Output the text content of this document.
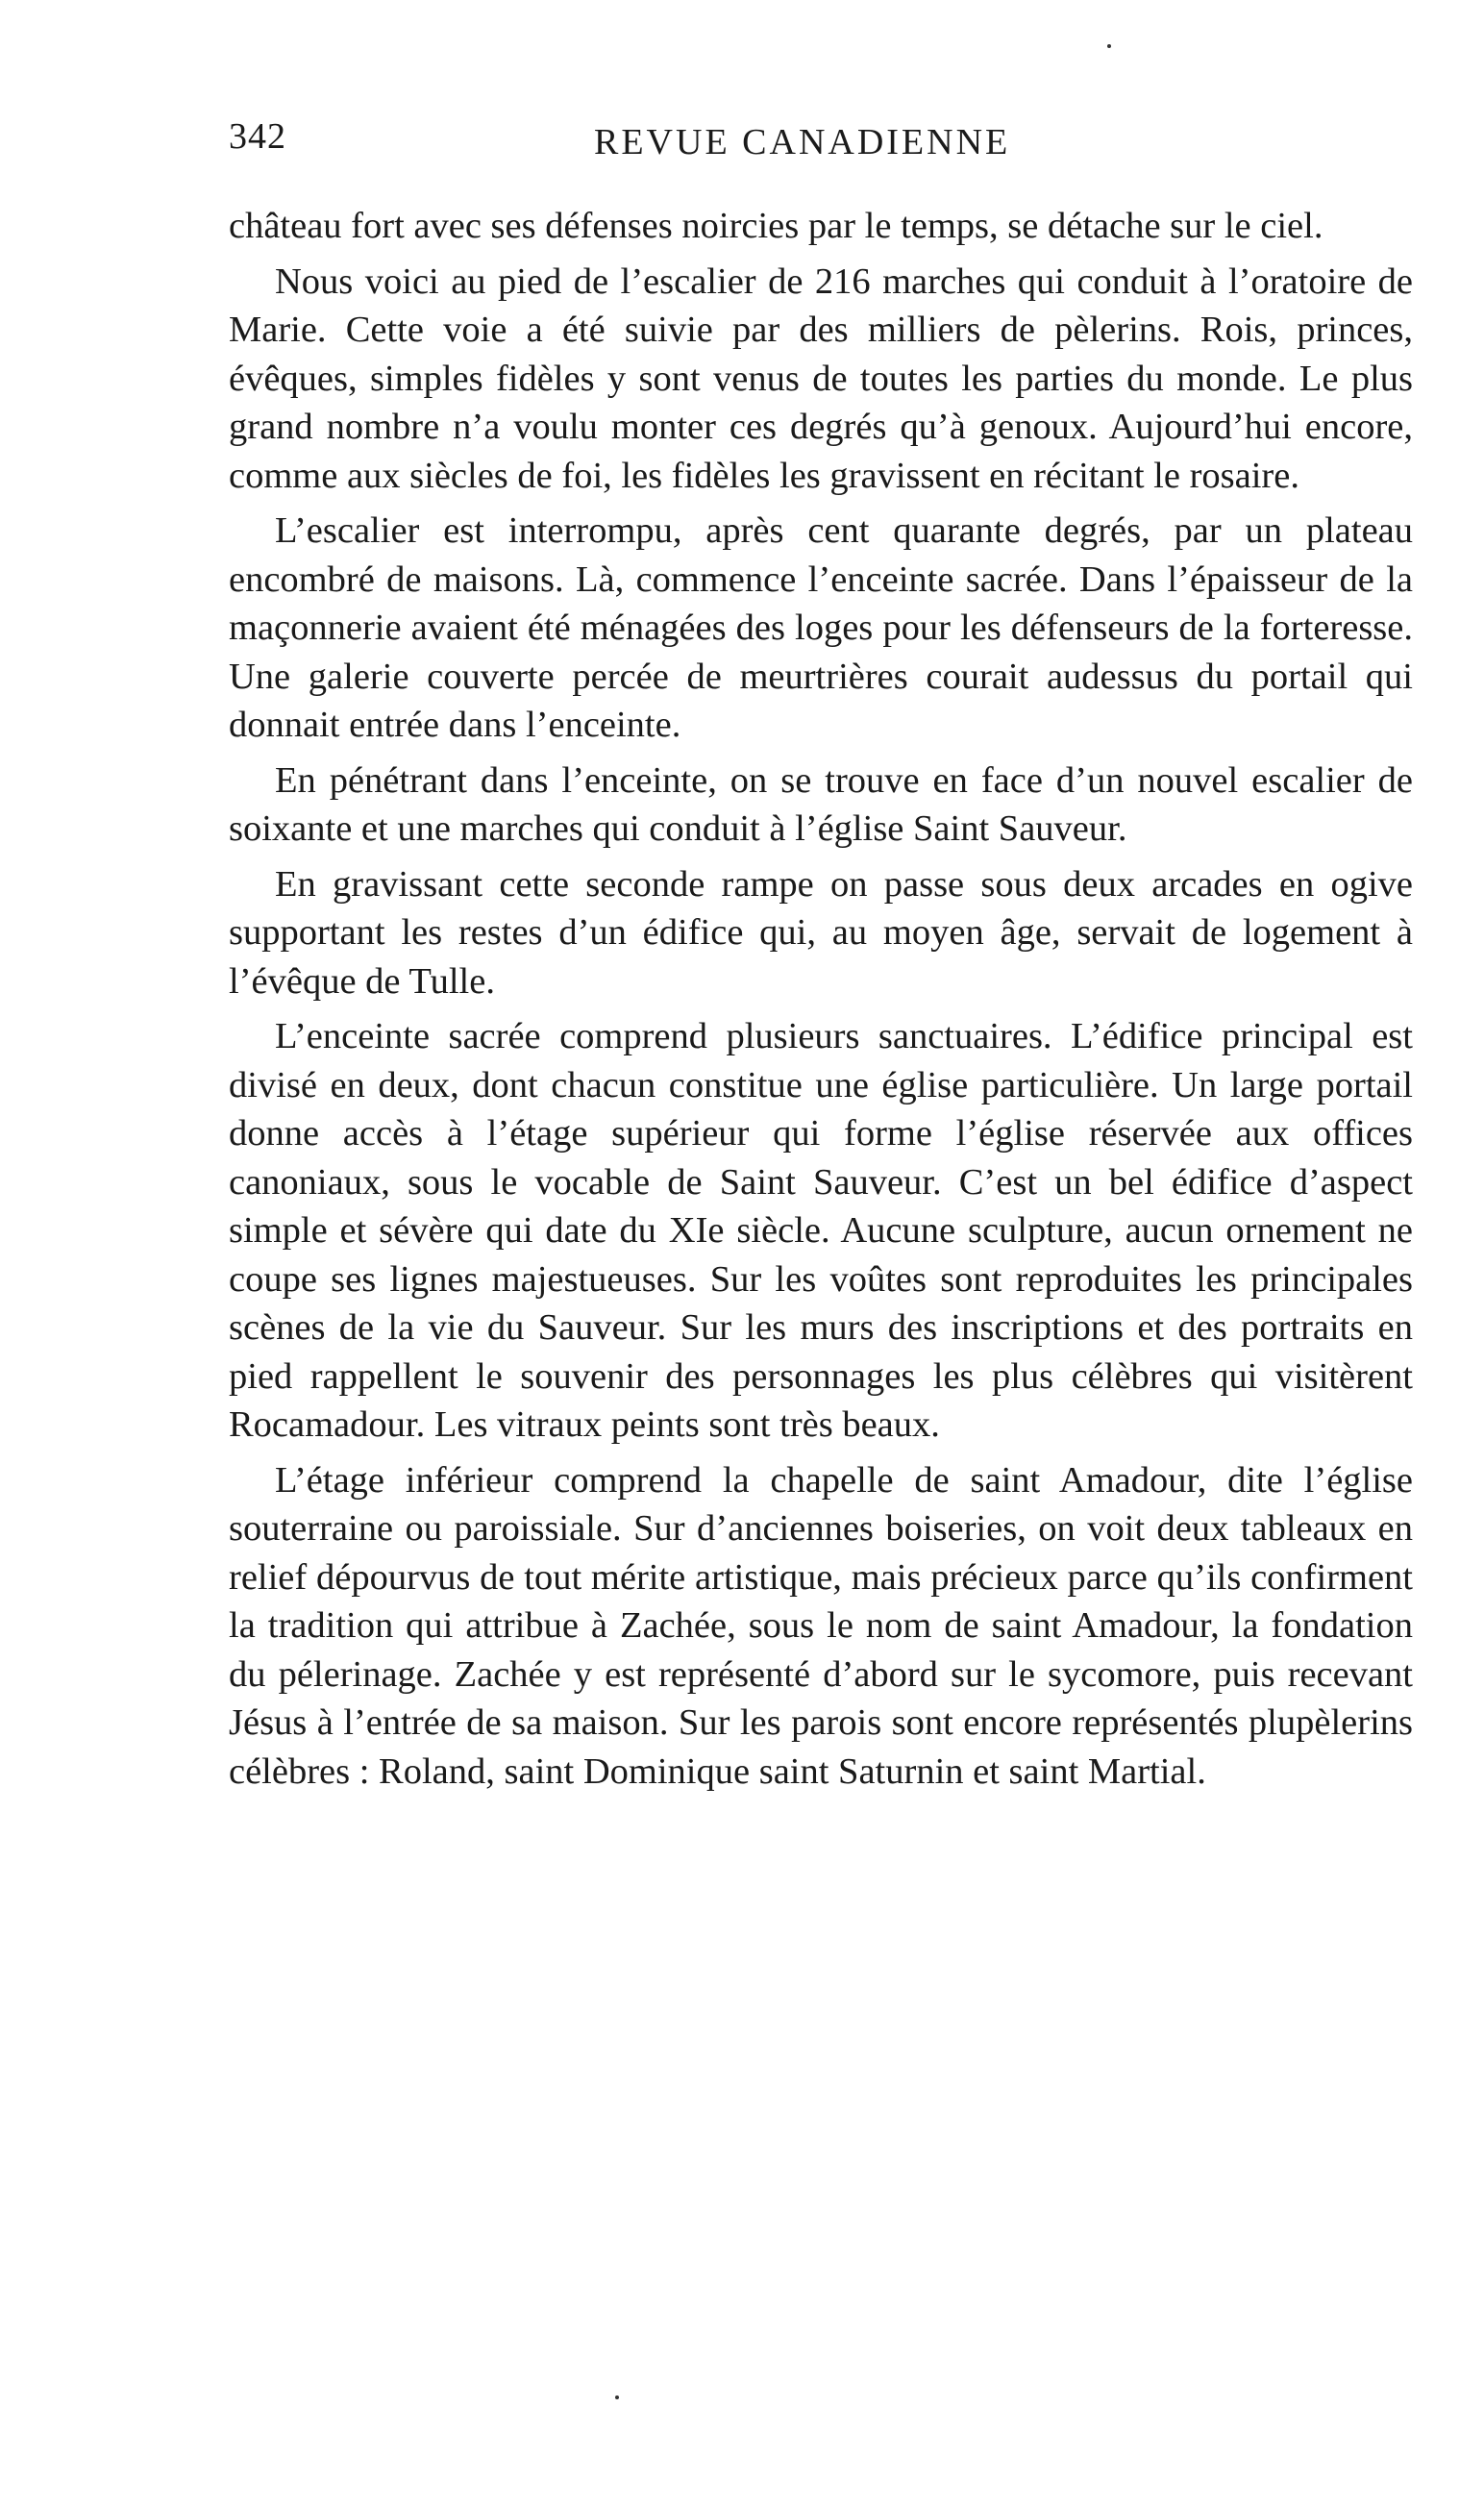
342	REVUE CANADIENNE

château fort avec ses défenses noircies par le temps, se détache sur le ciel.

Nous voici au pied de l’escalier de 216 marches qui conduit à l’oratoire de Marie. Cette voie a été suivie par des milliers de pèlerins. Rois, princes, évêques, simples fidèles y sont venus de toutes les parties du monde. Le plus grand nombre n’a voulu monter ces degrés qu’à genoux. Aujourd’hui encore, comme aux siècles de foi, les fidèles les gravissent en récitant le rosaire.

L’escalier est interrompu, après cent quarante degrés, par un plateau encombré de maisons. Là, commence l’enceinte sacrée. Dans l’épaisseur de la maçonnerie avaient été ménagées des loges pour les défenseurs de la forteresse. Une galerie couverte percée de meurtrières courait audessus du portail qui donnait entrée dans l’enceinte.

En pénétrant dans l’enceinte, on se trouve en face d’un nouvel escalier de soixante et une marches qui conduit à l’église Saint Sauveur.

En gravissant cette seconde rampe on passe sous deux arcades en ogive supportant les restes d’un édifice qui, au moyen âge, servait de logement à l’évêque de Tulle.

L’enceinte sacrée comprend plusieurs sanctuaires. L’édifice principal est divisé en deux, dont chacun constitue une église particulière. Un large portail donne accès à l’étage supérieur qui forme l’église réservée aux offices canoniaux, sous le vocable de Saint Sauveur. C’est un bel édifice d’aspect simple et sévère qui date du XIe siècle. Aucune sculpture, aucun ornement ne coupe ses lignes majestueuses. Sur les voûtes sont reproduites les principales scènes de la vie du Sauveur. Sur les murs des inscriptions et des portraits en pied rappellent le souvenir des personnages les plus célèbres qui visitèrent Rocamadour. Les vitraux peints sont très beaux.

L’étage inférieur comprend la chapelle de saint Amadour, dite l’église souterraine ou paroissiale. Sur d’anciennes boiseries, on voit deux tableaux en relief dépourvus de tout mérite artistique, mais précieux parce qu’ils confirment la tradition qui attribue à Zachée, sous le nom de saint Amadour, la fondation du pélerinage. Zachée y est représenté d’abord sur le sycomore, puis recevant Jésus à l’entrée de sa maison. Sur les parois sont encore représentés plupèlerins célèbres : Roland, saint Dominique saint Saturnin et saint Martial.
